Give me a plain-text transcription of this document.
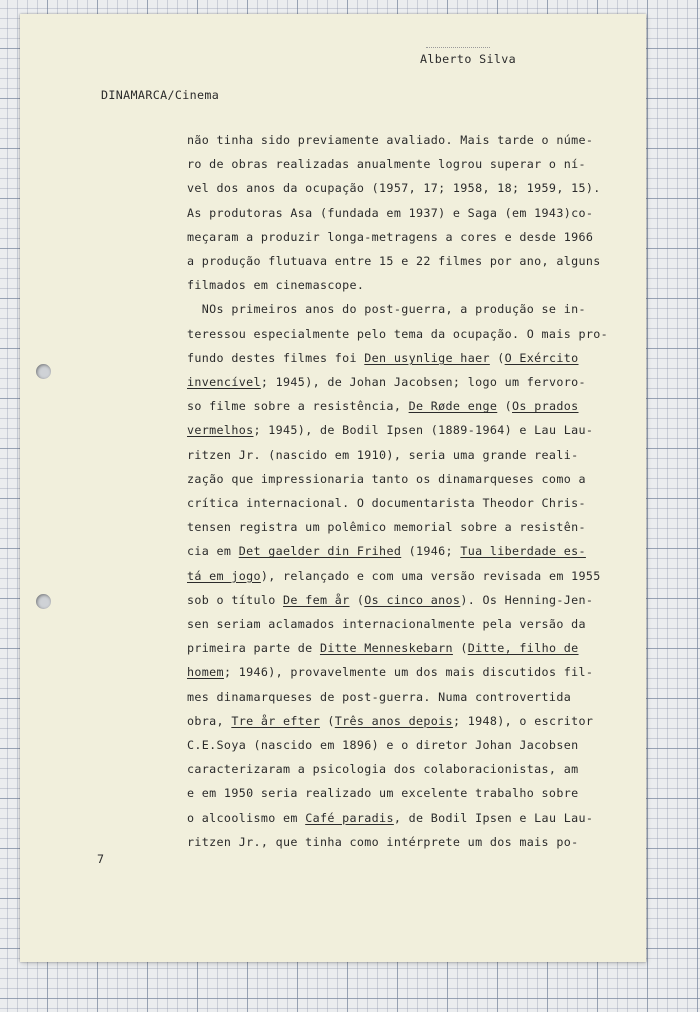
Alberto Silva
DINAMARCA/Cinema
não tinha sido previamente avaliado. Mais tarde o núme-
ro de obras realizadas anualmente logrou superar o ní-
vel dos anos da ocupação (1957, 17; 1958, 18; 1959, 15).
As produtoras Asa (fundada em 1937) e Saga (em 1943)co-
meçaram a produzir longa-metragens a cores e desde 1966
a produção flutuava entre 15 e 22 filmes por ano, alguns
filmados em cinemascope.
NOs primeiros anos do post-guerra, a produção se in-
teressou especialmente pelo tema da ocupação. O mais pro-
fundo destes filmes foi Den usynlige haer (O Exército
invencível; 1945), de Johan Jacobsen; logo um fervoro-
so filme sobre a resistência, De Røde enge (Os prados
vermelhos; 1945), de Bodil Ipsen (1889-1964) e Lau Lau-
ritzen Jr. (nascido em 1910), seria uma grande reali-
zação que impressionaria tanto os dinamarqueses como a
crítica internacional. O documentarista Theodor Chris-
tensen registra um polêmico memorial sobre a resistên-
cia em Det gaelder din Frihed (1946; Tua liberdade es-
tá em jogo), relançado e com uma versão revisada em 1955
sob o título De fem år (Os cinco anos). Os Henning-Jen-
sen seriam aclamados internacionalmente pela versão da
primeira parte de Ditte Menneskebarn (Ditte, filho de
homem; 1946), provavelmente um dos mais discutidos fil-
mes dinamarqueses de post-guerra. Numa controvertida
obra, Tre år efter (Três anos depois; 1948), o escritor
C.E.Soya (nascido em 1896) e o diretor Johan Jacobsen
caracterizaram a psicologia dos colaboracionistas, am
e em 1950 seria realizado um excelente trabalho sobre
o alcoolismo em Café paradis, de Bodil Ipsen e Lau Lau-
ritzen Jr., que tinha como intérprete um dos mais po-
7
